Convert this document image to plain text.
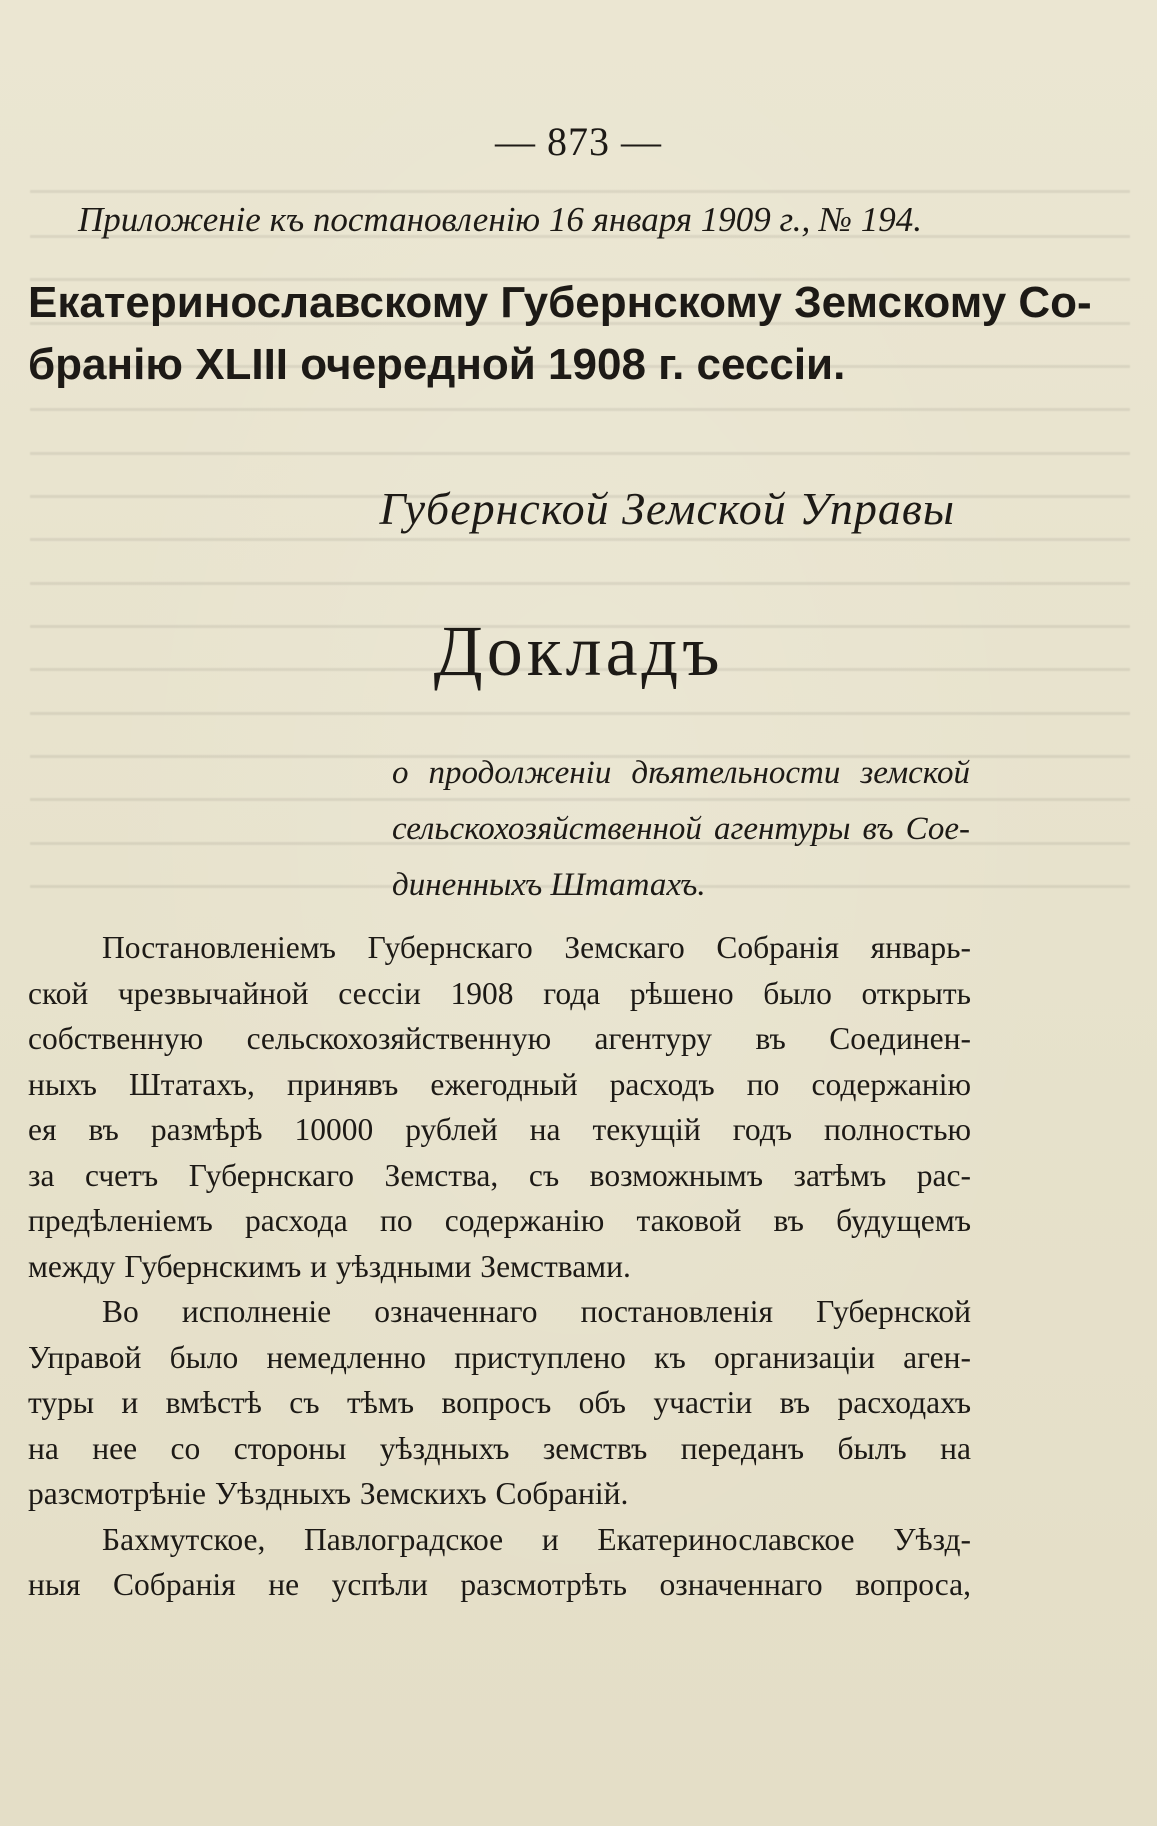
— 873 —
Приложенiе къ постановленiю 16 января 1909 г., № 194.
Екатеринославскому Губернскому Земскому Со-
бранiю XLIII очередной 1908 г. сессiи.
Губернской Земской Управы
Докладъ
о продолженiи дѣятельности земской
сельскохозяйственной агентуры въ Сое-
диненныхъ Штатахъ.
Постановленiемъ Губернскаго Земскаго Собранiя январь-
ской чрезвычайной сессiи 1908 года рѣшено было открыть
собственную сельскохозяйственную агентуру въ Соединен-
ныхъ Штатахъ, принявъ ежегодный расходъ по содержанiю
ея въ размѣрѣ 10000 рублей на текущiй годъ полностью
за счетъ Губернскаго Земства, съ возможнымъ затѣмъ рас-
предѣленiемъ расхода по содержанiю таковой въ будущемъ
между Губернскимъ и уѣздными Земствами.
Во исполненiе означеннаго постановленiя Губернской
Управой было немедленно приступлено къ организацiи аген-
туры и вмѣстѣ съ тѣмъ вопросъ объ участiи въ расходахъ
на нее со стороны уѣздныхъ земствъ переданъ былъ на
разсмотрѣнiе Уѣздныхъ Земскихъ Собранiй.
Бахмутское, Павлоградское и Екатеринославское Уѣзд-
ныя Собранiя не успѣли разсмотрѣть означеннаго вопроса,
